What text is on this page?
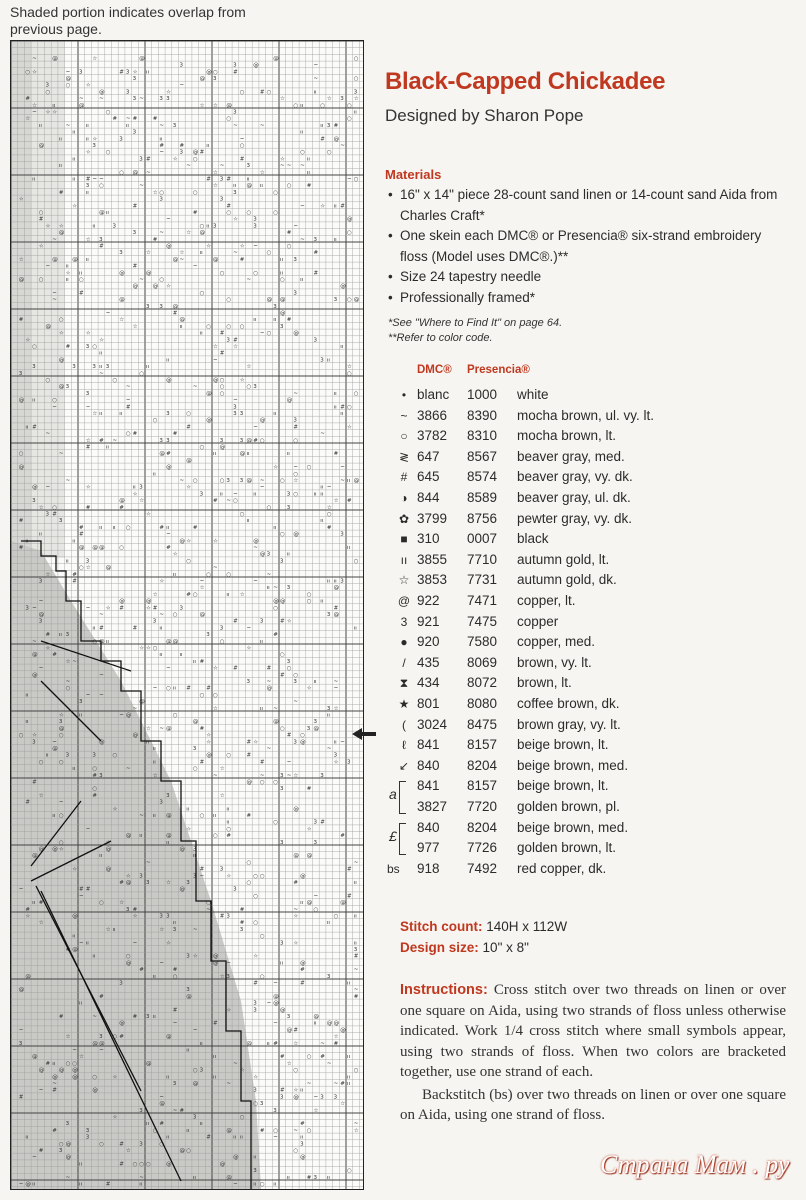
Shaded portion indicates overlap from previous page.
~	@	☆	@	@	○
3	3	@	~
○ ☆	~ 3	# 3 ☆ ıı	@ ○	#
@	3	@ 3	~	○
3	○	☆	~
○	@	3	☆	○	# ○	ıı	3
#	~	~	3 ~	3 3	☆	☆ 3 ☆
☆	ıı	@	☆ ☆ @	○ ıı	○	○
~ ☆ ☆	○	3	ıı
☆	# ~ #	#	○	○
ıı	~	ıı	ıı	~ 3	~	~	ıı 3 #
ıı	3	ıı
ıı	ıı ☆	3	ıı	~	# @
@	3	#	#	ıı	○	~
☆	○	~	3 @ #	○	○
ıı	3 #	☆	○	#	☆	ıı
ıı	~	~	3	~ ~ ~
○ @ ~	☆	☆	ıı
ıı	ıı # ~ ~	# 3 #	ıı	~ ○
3 ○	~	☆	ıı @ ıı	○	#
#	ıı	☆ ○	○	3	○
☆	3	3
☆	#	#	~	☆ ıı #
○	@ ıı	#	○	○	○
#	~	☆	3	@
☆ ☆	ıı	3	○ ıı 3	3	~
@	3	~	☆ @	#	○
~	☆ 3	#	~ 3	ıı
☆	#	@	☆	☆ ~	○
3	☆	☆	ıı	~	○	#
☆	@	@ ıı	@ ~	@	#	ıı 3
~	ıı	#	~
☆ ıı	@	@	○	○	ıı	#
@	○	ıı ○	~	○	~	○	ıı
@	@ ☆	@
~	#	○	3
~	@	○	@ @	3 ○ @
3 3 @	3
~	#	@
#	○	☆	@	ıı	ıı #
@	☆	ıı	○	○ ○	3
☆	☆	ıı	#	~ ○	@
☆	☆	3 #	3
○	#	3 ○	☆	☆	ıı
ıı	#
@	ıı	~	3 ıı
3	3	3 ıı 3	ıı	☆	☆
3	~	○	○
○	○	@	@ ○	☆
@ 3	~	~	○	○ 3
3	@ ○	~	ıı	○
@ ıı	○	~	~	@
~	~	#	3	ıı # ○
☆ ıı	ıı	3	○	3 3	ıı	ıı
○	@	@	3
ıı #	#	~	#	☆
~	○ #	#	~
☆ # ~	3 3	3	3 @ # ○	○
#	ıı	○	@
○	~	@ #	ıı	@ ıı	ıı	#
@
@	@	☆	~ ○	~
ıı	○
~	~ ○	○ 3 3 @ ~	○ ☆	~ ıı @
@ ~	☆	ıı 3	☆	~	ıı ~
☆	3	ıı ~	ıı	3 ○	ıı ıı
3	@	☆	# ~ ○	☆ #
☆ ○	#	#	○	3	☆
3 #	☆	○	○
#	3	ıı	ıı
#	ıı ıı ○	# ıı	#	ıı	#
ıı	#	~	○ @	3
ıı	ıı	@ ☆	☆	@
#	@ @ @	○	#	~	ıı
☆	@ 3	ıı
ıı	3	○	3	○
○ ☆	@	~
☆	#	ıı	○	○	~
3	#	☆	~	~	ıı ıı 3
☆	ıı ~ 3	@
☆	# ○	ıı ☆	○
~	@	@	@ @	○ ıı
3 ~	~	☆ #	☆ #	3	○	#
@	~	~ ○	@	3 @
3	3	#	3	# ☆
ıı #	#	ıı	3	~	ıı
# ıı 3	3	#
~	○ @ ıı	@ @	○	ıı
☆	☆ ☆ ○	☆
@	#	ıı	ıı	○
☆ ~	ıı #	3
~	~	☆	#	#	○
@	~	# ○
~	3	~	3	ıı	~
○	~ ○ ıı #	#	@	☆	~
ıı	~ ~	○ ○
3	@	~
~	☆	ıı ~	3 ☆
☆	ıı	~ @	○	ıı
ıı	3	@	@	3
@	☆ ~ @	#	○	3 @
○ ☆	○	@	☆	# ○
3	~	@	ıı	☆	# ☆	3 @	ıı ~
@	ıı	3	~	~
ıı	3	3	○	@	○	#	3
○	○	ıı	#	#	~	☆ 3
ıı	○	~	○	☆
# 3	☆	~	~	3 ~ ☆	3
#	@ ○ ○
○	3	#
☆	#	3	☆
#	~	3
☆	ıı	ıı	@
ıı ○	~ ıı @	○ ıı	#
ıı	○	3 #
~	☆	○	☆
@ ıı	@	○ #	#
○	☆	ıı	3	3
@ @ ☆	@	@ 3
@	ıı	ıı	@ @
~	○	~
☆	@	#	3	#
☆ 3	3 ~	☆	○ ○	@
# @	3	☆	3	○	#	ıı
~	# #	@	3
~	○	~	#
ıı #	○	☆	○	ıı @	@
#	3 #	~	#	~	○
☆	@	☆	3 3	# 3	☆	○	ıı
☆	ıı	# ○	ıı
☆ ıı	☆ 3	~	3
ıı	○
~ ıı	~	☆	3 ☆	ıı
# @	3
ıı	○	3 ☆	@	☆	#
@	~	@ ~	ıı	@
#	#	#	~
@	ıı	○	☆ 3	○	3
3	#	~	#	ıı
@	3	~
#	@	@	#
ıı	3 ~ @
#	☆	3	@
#	~	# 3 ıı	3	@
@	~	#	~	ıı @ @
~	~	@ #	@
☆	3 ○ #	@	☆
3	@ @	ıı	@	ıı #	☆	~ #
~	~	ıı
@	☆	ıı	#	○ #	ıı
# ıı ○ ○	@	~	☆	~
@	@ @	○ 3	☆	○	○
@	@	○	☆	ıı	ıı	☆	ıı
~	3	@	~	~	~ # ıı
~ #	@	3	# ☆ ıı
#	~	3 @	~ 3 3
@	○ 3	☆
3	~ #	3	☆
☆	3	○
3	ıı #	ıı	#	~
#	3	○	ıı	@	# ○	~ ○	☆
ıı	3	ıı	#	ıı ıı	~	ıı
○ @	○	#	3	○	3
#	3	☆	@ ○	○
~	@	@	ıı	@
ıı	# ○ ○ ○	@	@
3	○
~	~	ıı	@	ıı	# 3 ıı
~ @ ıı	ıı	#	ıı	~	ıı ○ ıı
Black-Capped Chickadee
Designed by Sharon Pope
Materials
• 16" x 14" piece 28-count sand linen or 14-count sand Aida from Charles Craft*
• One skein each DMC® or Presencia® six-strand embroidery floss (Model uses DMC®.)**
• Size 24 tapestry needle
• Professionally framed*
*See "Where to Find It" on page 64.
**Refer to color code.
DMC® Presencia®
• blanc 1000 white
~ 3866 8390 mocha brown, ul. vy. lt.
○ 3782 8310 mocha brown, lt.
≷ 647 8567 beaver gray, med.
# 645 8574 beaver gray, vy. dk.
◑ 844 8589 beaver gray, ul. dk.
✿ 3799 8756 pewter gray, vy. dk.
■ 310 0007 black
ıı 3855 7710 autumn gold, lt.
☆ 3853 7731 autumn gold, dk.
@ 922 7471 copper, lt.
3 921 7475 copper
● 920 7580 copper, med.
/ 435 8069 brown, vy. lt.
⧗ 434 8072 brown, lt.
★ 801 8080 coffee brown, dk.
( 3024 8475 brown gray, vy. lt.
ℓ 841 8157 beige brown, lt.
↙ 840 8204 beige brown, med.
a
841 8157 beige brown, lt.
3827 7720 golden brown, pl.
£
840 8204 beige brown, med.
977 7726 golden brown, lt.
bs 918 7492 red copper, dk.
Stitch count: 140H x 112W
Design size: 10" x 8"

Instructions: Cross stitch over two threads on linen or over one square on Aida, using two strands of floss unless otherwise indicated. Work 1/4 cross stitch where small symbols appear, using two strands of floss. When two colors are bracketed together, use one strand of each.

Backstitch (bs) over two threads on linen or over one square on Aida, using one strand of floss.

Страна Мам . ру
